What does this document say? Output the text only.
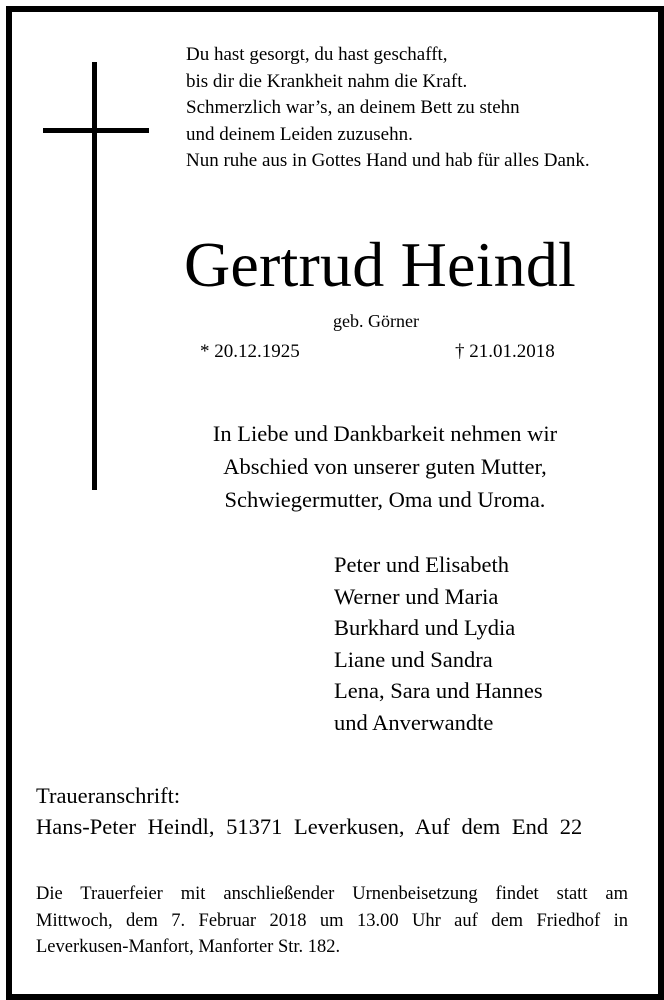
Du hast gesorgt, du hast geschafft,
bis dir die Krankheit nahm die Kraft.
Schmerzlich war’s, an deinem Bett zu stehn
und deinem Leiden zuzusehn.
Nun ruhe aus in Gottes Hand und hab für alles Dank.
Gertrud Heindl
geb. Görner
* 20.12.1925	† 21.01.2018
In Liebe und Dankbarkeit nehmen wir
Abschied von unserer guten Mutter,
Schwiegermutter, Oma und Uroma.
Peter und Elisabeth
Werner und Maria
Burkhard und Lydia
Liane und Sandra
Lena, Sara und Hannes
und Anverwandte
Traueranschrift:
Hans-Peter Heindl, 51371 Leverkusen, Auf dem End 22
Die Trauerfeier mit anschließender Urnenbeisetzung findet statt am
Mittwoch, dem 7. Februar 2018 um 13.00 Uhr auf dem Friedhof in
Leverkusen-Manfort, Manforter Str. 182.
